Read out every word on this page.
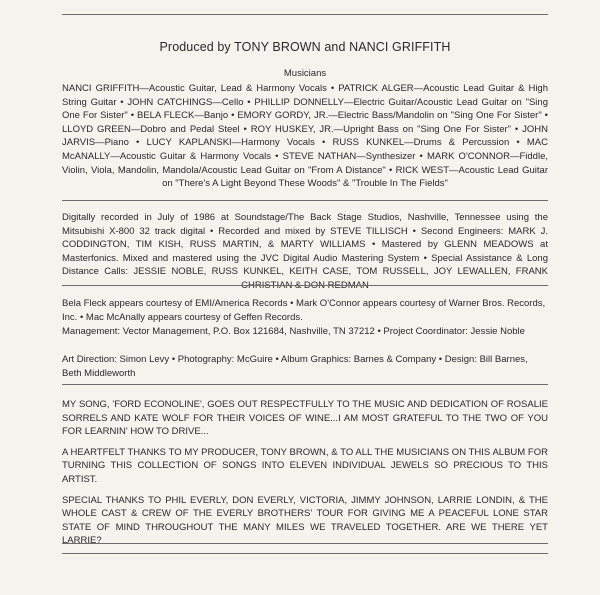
Produced by TONY BROWN and NANCI GRIFFITH
Musicians
NANCI GRIFFITH—Acoustic Guitar, Lead & Harmony Vocals • PATRICK ALGER—Acoustic Lead Guitar & High String Guitar • JOHN CATCHINGS—Cello • PHILLIP DONNELLY—Electric Guitar/Acoustic Lead Guitar on "Sing One For Sister" • BELA FLECK—Banjo • EMORY GORDY, JR.—Electric Bass/Mandolin on "Sing One For Sister" • LLOYD GREEN—Dobro and Pedal Steel • ROY HUSKEY, JR.—Upright Bass on "Sing One For Sister" • JOHN JARVIS—Piano • LUCY KAPLANSKI—Harmony Vocals • RUSS KUNKEL—Drums & Percussion • MAC McANALLY—Acoustic Guitar & Harmony Vocals • STEVE NATHAN—Synthesizer • MARK O'CONNOR—Fiddle, Violin, Viola, Mandolin, Mandola/Acoustic Lead Guitar on "From A Distance" • RICK WEST—Acoustic Lead Guitar on "There's A Light Beyond These Woods" & "Trouble In The Fields"
Digitally recorded in July of 1986 at Soundstage/The Back Stage Studios, Nashville, Tennessee using the Mitsubishi X-800 32 track digital • Recorded and mixed by STEVE TILLISCH • Second Engineers: MARK J. CODDINGTON, TIM KISH, RUSS MARTIN, & MARTY WILLIAMS • Mastered by GLENN MEADOWS at Masterfonics. Mixed and mastered using the JVC Digital Audio Mastering System • Special Assistance & Long Distance Calls: JESSIE NOBLE, RUSS KUNKEL, KEITH CASE, TOM RUSSELL, JOY LEWALLEN, FRANK CHRISTIAN & DON REDMAN
Bela Fleck appears courtesy of EMI/America Records • Mark O'Connor appears courtesy of Warner Bros. Records, Inc. • Mac McAnally appears courtesy of Geffen Records.
Management: Vector Management, P.O. Box 121684, Nashville, TN 37212 • Project Coordinator: Jessie Noble
Art Direction: Simon Levy • Photography: McGuire • Album Graphics: Barnes & Company • Design: Bill Barnes, Beth Middleworth

MY SONG, 'FORD ECONOLINE', GOES OUT RESPECTFULLY TO THE MUSIC AND DEDICATION OF ROSALIE SORRELS AND KATE WOLF FOR THEIR VOICES OF WINE...I AM MOST GRATEFUL TO THE TWO OF YOU FOR LEARNIN' HOW TO DRIVE...

A HEARTFELT THANKS TO MY PRODUCER, TONY BROWN, & TO ALL THE MUSICIANS ON THIS ALBUM FOR TURNING THIS COLLECTION OF SONGS INTO ELEVEN INDIVIDUAL JEWELS SO PRECIOUS TO THIS ARTIST.

SPECIAL THANKS TO PHIL EVERLY, DON EVERLY, VICTORIA, JIMMY JOHNSON, LARRIE LONDIN, & THE WHOLE CAST & CREW OF THE EVERLY BROTHERS' TOUR FOR GIVING ME A PEACEFUL LONE STAR STATE OF MIND THROUGHOUT THE MANY MILES WE TRAVELED TOGETHER. ARE WE THERE YET LARRIE?
